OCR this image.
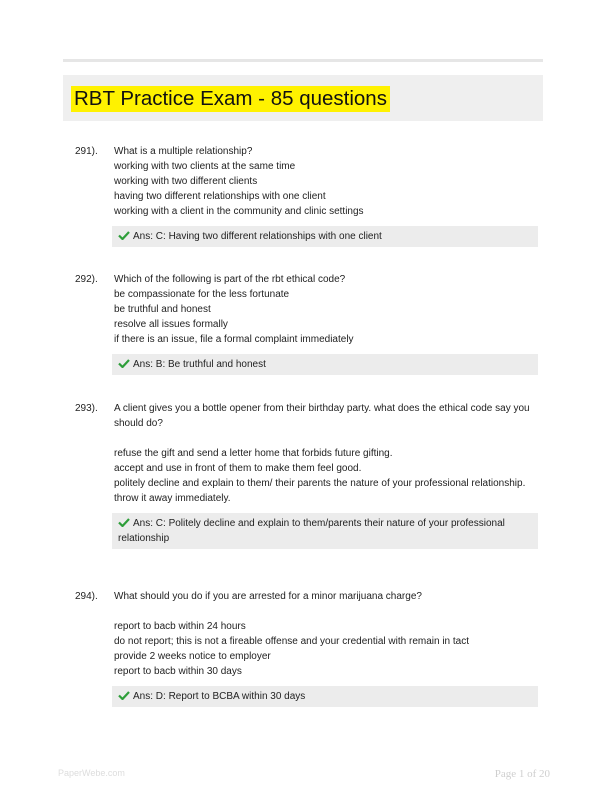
RBT Practice Exam - 85 questions
291). What is a multiple relationship?

working with two clients at the same time

working with two different clients

having two different relationships with one client

working with a client in the community and clinic settings

Ans: C: Having two different relationships with one client
292). Which of the following is part of the rbt ethical code?

be compassionate for the less fortunate

be truthful and honest

resolve all issues formally

if there is an issue, file a formal complaint immediately

Ans: B: Be truthful and honest
293). A client gives you a bottle opener from their birthday party. what does the ethical code say you should do?

refuse the gift and send a letter home that forbids future gifting.

accept and use in front of them to make them feel good.

politely decline and explain to them/ their parents the nature of your professional relationship.

throw it away immediately.

Ans: C: Politely decline and explain to them/parents their nature of your professional relationship
294). What should you do if you are arrested for a minor marijuana charge?

report to bacb within 24 hours

do not report; this is not a fireable offense and your credential with remain in tact

provide 2 weeks notice to employer

report to bacb within 30 days

Ans: D: Report to BCBA within 30 days
PaperWebe.com	Page 1 of 20
